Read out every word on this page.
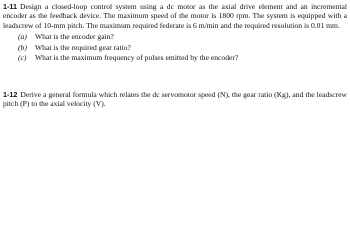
1-11 Design a closed-loop control system using a dc motor as the axial drive element and an incremental encoder as the feedback device. The maximum speed of the motor is 1800 rpm. The system is equipped with a leadscrew of 10-mm pitch. The maximum required federate is 6 m/min and the required resolution is 0.01 mm.
(a)	What is the encoder gain?
(b)	What is the required gear ratio?
(c)	What is the maximum frequency of pulses emitted by the encoder?
1-12 Derive a general formula which relates the dc servomotor speed (N), the gear ratio (Kg), and the leadscrew pitch (P) to the axial velocity (V).
